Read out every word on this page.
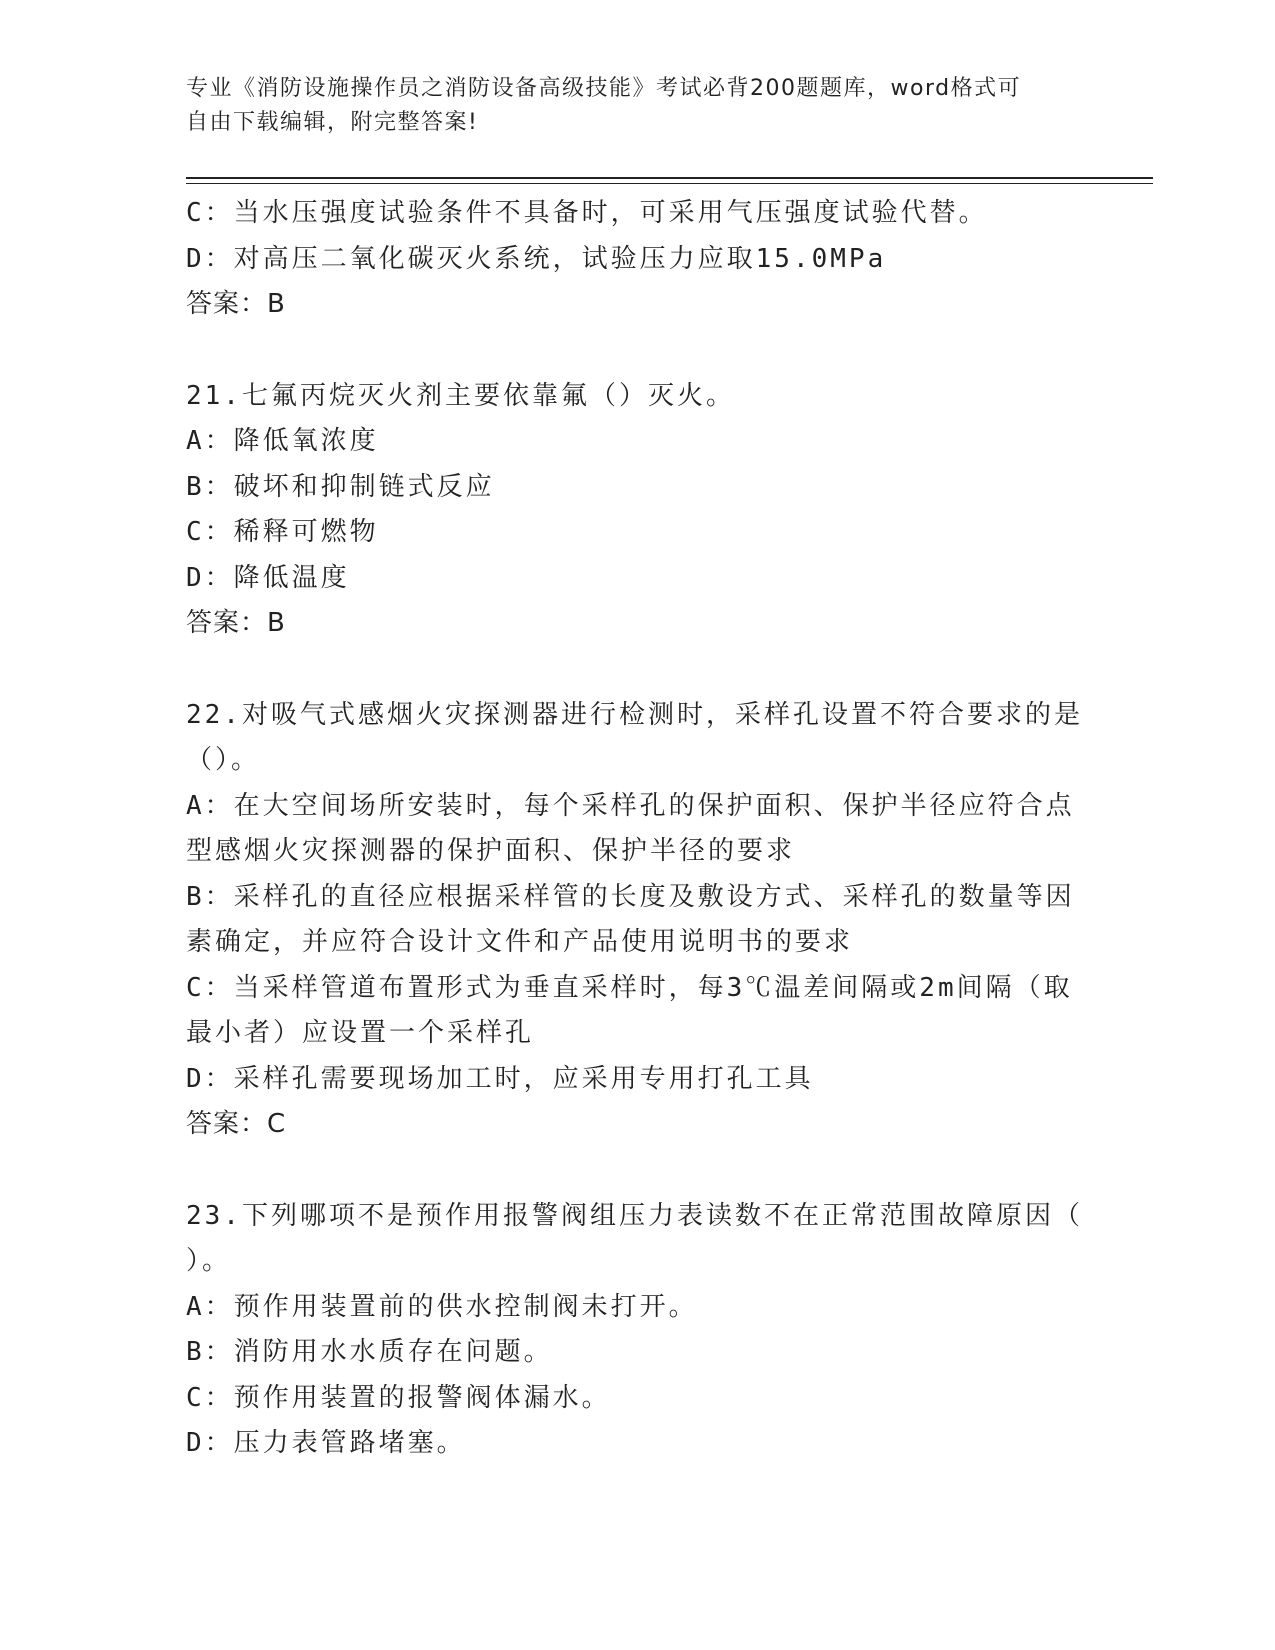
专业《消防设施操作员之消防设备高级技能》考试必背200题题库，word格式可
自由下载编辑，附完整答案!
C：当水压强度试验条件不具备时，可采用气压强度试验代替。
D：对高压二氧化碳灭火系统，试验压力应取15.0MPa
答案：B
21.七氟丙烷灭火剂主要依靠氟（）灭火。
A：降低氧浓度
B：破坏和抑制链式反应
C：稀释可燃物
D：降低温度
答案：B
22.对吸气式感烟火灾探测器进行检测时，采样孔设置不符合要求的是
（）。
A：在大空间场所安装时，每个采样孔的保护面积、保护半径应符合点
型感烟火灾探测器的保护面积、保护半径的要求
B：采样孔的直径应根据采样管的长度及敷设方式、采样孔的数量等因
素确定，并应符合设计文件和产品使用说明书的要求
C：当采样管道布置形式为垂直采样时，每3℃温差间隔或2m间隔（取
最小者）应设置一个采样孔
D：采样孔需要现场加工时，应采用专用打孔工具
答案：C
23.下列哪项不是预作用报警阀组压力表读数不在正常范围故障原因（
）。
A：预作用装置前的供水控制阀未打开。
B：消防用水水质存在问题。
C：预作用装置的报警阀体漏水。
D：压力表管路堵塞。
